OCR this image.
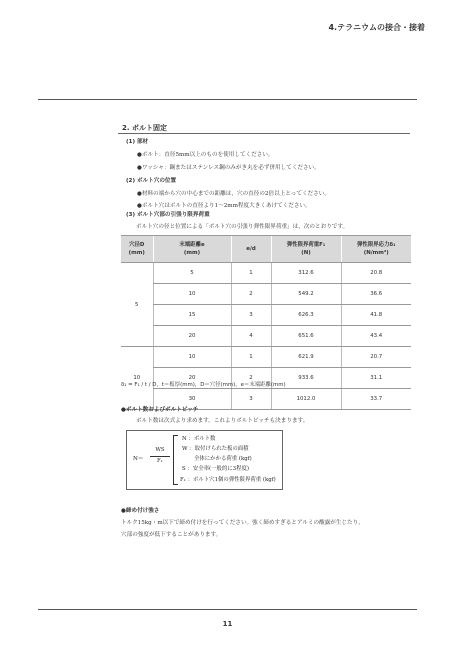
4.テラニウムの接合・接着
2. ボルト固定
(1) 部材
●ボルト：直径5mm以上のものを使用してください。
●ワッシャ：鋼またはステンレス鋼のみがき丸を必ず併用してください。
(2) ボルト穴の位置
●材料の端から穴の中心までの距離は，穴の直径の2倍以上とってください。
●ボルト穴はボルトの直径より1〜2mm程度大きくあけてください。
(3) ボルト穴部の引張り限界荷重
ボルト穴の径と位置による「ボルト穴の引張り弾性限界荷重」は，次のとおりです。
穴径D
(mm)	末端距離e
(mm)	e/d	弾性限界荷重F₁
(N)	弾性限界応力δ₁
(N/mm²)
5	5	1	312.6	20.8
	10	2	549.2	36.6
	15	3	626.3	41.8
	20	4	651.6	43.4
10	10	1	621.9	20.7
	20	2	933.6	31.1
	30	3	1012.0	33.7
δ₁ = F₁ / t / D，t＝板厚(mm)，D＝穴径(mm)，e＝末端距離(mm)
●ボルト数およびボルトピッチ
ボルト数は次式より求めます。これよりボルトピッチも決まります。
N＝
WS
F₁
N ：ボルト数
W ：取付けられた板の面積
全体にかかる荷重 (kgf)
S ：安全率(一般的に3程度)
F₁ ：ボルト穴1個の弾性限界荷重 (kgf)
●締め付け強さ
トルク15kg・m以下で締め付けを行ってください。強く締めすぎるとアルミの酸露が生じたり，
穴部の強度が低下することがあります。
11
